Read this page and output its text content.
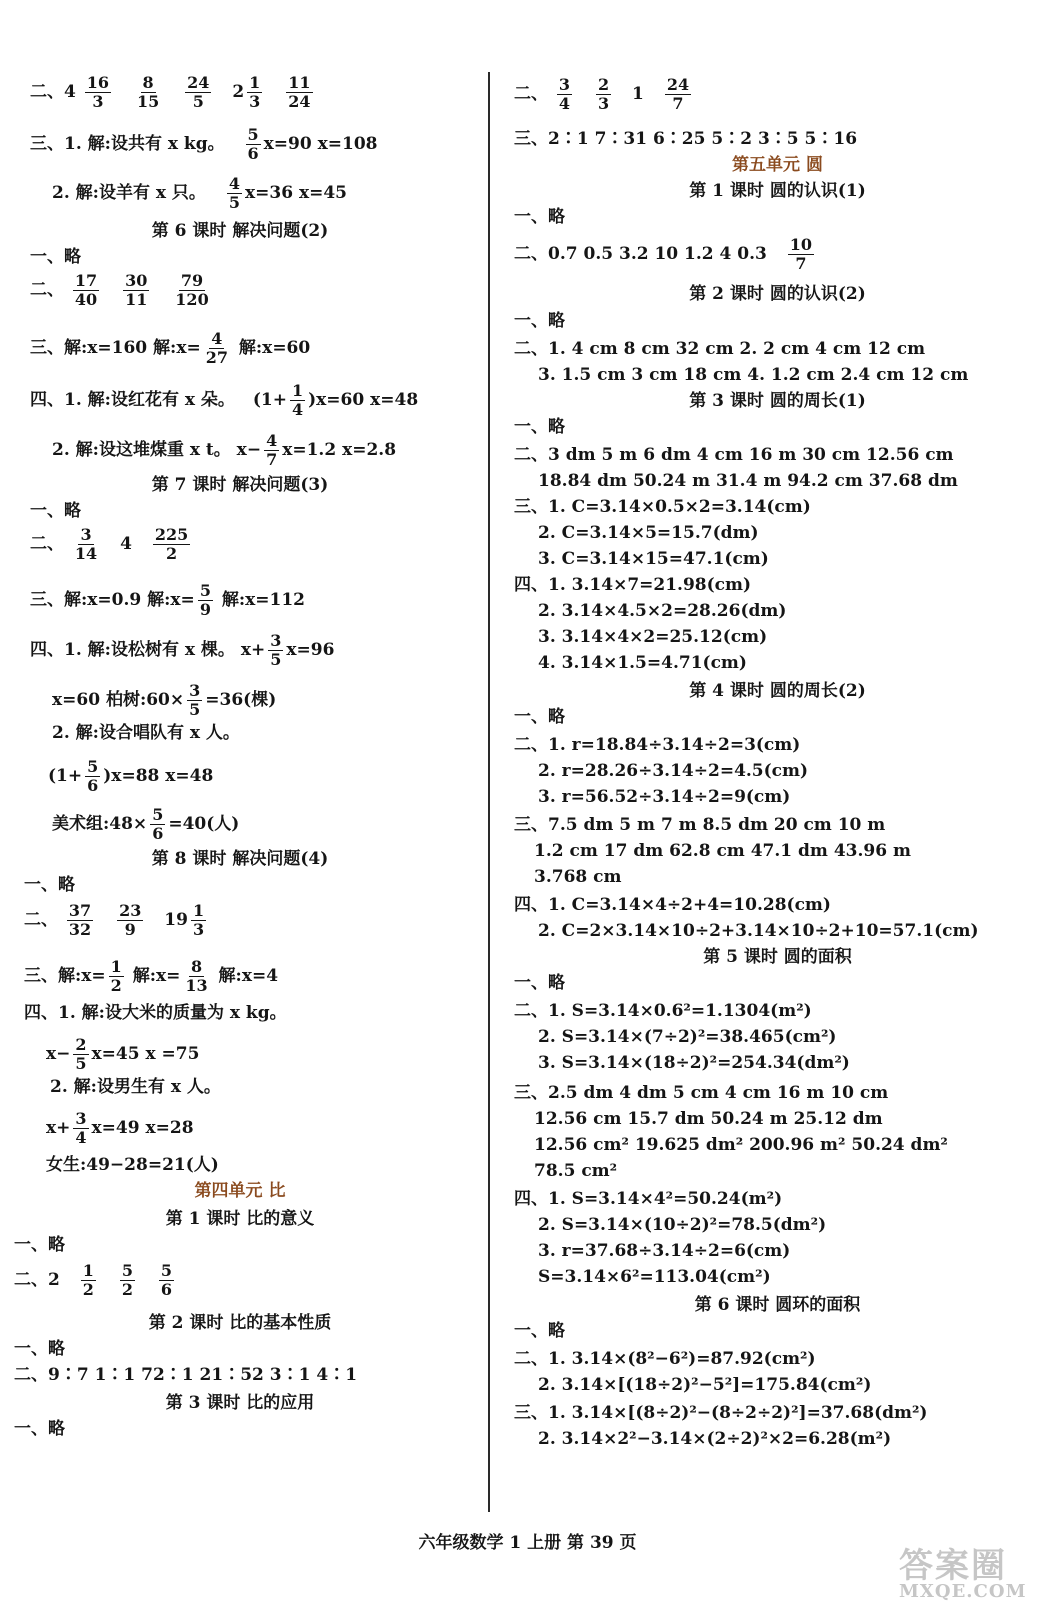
二、$4 \frac{16}{3}$
$\frac{8}{15}$
$\frac{24}{5} 2 \frac{1}{3}$
$\frac{11}{24}$
三、1. 解:设共有 x kg。 $\frac{5}{6} x=90$ x=108
2. 解:设羊有 x 只。 $\frac{4}{5} x=36$ x=45
第 6 课时 解决问题(2)
一、略
二、 $\frac{17}{40}$
$\frac{30}{11}$
$\frac{79}{120}$
三、解:x=160 解:x= $\frac{4}{27}$ 解:x=60
四、1. 解:设红花有 x 朵。 $(1+ \frac{1}{4} )x=60$ x=48
2. 解:设这堆煤重 x t。 $x- \frac{4}{7} x=1.2$ x=2.8
第 7 课时 解决问题(3)
一、略
二、 $\frac{3}{14} 4 \frac{225}{2}$
三、解:x=0.9 解:x= $\frac{5}{9}$ 解:x=112
四、1. 解:设松树有 x 棵。 $x+ \frac{3}{5} x=96$
x=60 柏树:60× $\frac{3}{5} =36$(棵)
2. 解:设合唱队有 x 人。
$(1+ \frac{5}{6} )x=88$ x=48
美术组:48× $\frac{5}{6} =40$(人)
第 8 课时 解决问题(4)
一、略
二、 $\frac{37}{32}$
$\frac{23}{9} 19 \frac{1}{3}$
三、解:x= $\frac{1}{2}$ 解:x= $\frac{8}{13}$ 解:x=4
四、1. 解:设大米的质量为 x kg。
$x- \frac{2}{5} x=45$ x =75
2. 解:设男生有 x 人。
$x+ \frac{3}{4} x=49$ x=28
女生:49−28=21(人)
第四单元 比
第 1 课时 比的意义
一、略
二、$2 \frac{1}{2}$
$\frac{5}{2}$
$\frac{5}{6}$
第 2 课时 比的基本性质
一、略
二、9∶7 1∶1 72∶1 21∶52 3∶1 4∶1
第 3 课时 比的应用
一、略
二、 $\frac{3}{4}$
$\frac{2}{3} 1 \frac{24}{7}$
三、2∶1 7∶31 6∶25 5∶2 3∶5 5∶16
第五单元 圆
第 1 课时 圆的认识(1)
一、略
二、0.7 0.5 3.2 10 1.2 4 $0.3 \frac{10}{7}$
第 2 课时 圆的认识(2)
一、略
二、1. 4 cm 8 cm 32 cm 2. 2 cm 4 cm 12 cm
3. 1.5 cm 3 cm 18 cm 4. 1.2 cm 2.4 cm 12 cm
第 3 课时 圆的周长(1)
一、略
二、3 dm 5 m 6 dm 4 cm 16 m 30 cm 12.56 cm
18.84 dm 50.24 m 31.4 m 94.2 cm 37.68 dm
三、1. C=3.14×0.5×2=3.14(cm)
2. C=3.14×5=15.7(dm)
3. C=3.14×15=47.1(cm)
四、1. 3.14×7=21.98(cm)
2. 3.14×4.5×2=28.26(dm)
3. 3.14×4×2=25.12(cm)
4. 3.14×1.5=4.71(cm)
第 4 课时 圆的周长(2)
一、略
二、1. r=18.84÷3.14÷2=3(cm)
2. r=28.26÷3.14÷2=4.5(cm)
3. r=56.52÷3.14÷2=9(cm)
三、7.5 dm 5 m 7 m 8.5 dm 20 cm 10 m
1.2 cm 17 dm 62.8 cm 47.1 dm 43.96 m
3.768 cm
四、1. C=3.14×4÷2+4=10.28(cm)
2. C=2×3.14×10÷2+3.14×10÷2+10=57.1(cm)
第 5 课时 圆的面积
一、略
二、1. S=3.14×0.6²=1.1304(m²)
2. S=3.14×(7÷2)²=38.465(cm²)
3. S=3.14×(18÷2)²=254.34(dm²)
三、2.5 dm 4 dm 5 cm 4 cm 16 m 10 cm
12.56 cm 15.7 dm 50.24 m 25.12 dm
12.56 cm² 19.625 dm² 200.96 m² 50.24 dm²
78.5 cm²
四、1. S=3.14×4²=50.24(m²)
2. S=3.14×(10÷2)²=78.5(dm²)
3. r=37.68÷3.14÷2=6(cm)
S=3.14×6²=113.04(cm²)
第 6 课时 圆环的面积
一、略
二、1. 3.14×(8²−6²)=87.92(cm²)
2. 3.14×[(18÷2)²−5²]=175.84(cm²)
三、1. 3.14×[(8÷2)²−(8÷2÷2)²]=37.68(dm²)
2. 3.14×2²−3.14×(2÷2)²×2=6.28(m²)
六年级数学 1 上册 第 39 页
答案圈
MXQE.COM
